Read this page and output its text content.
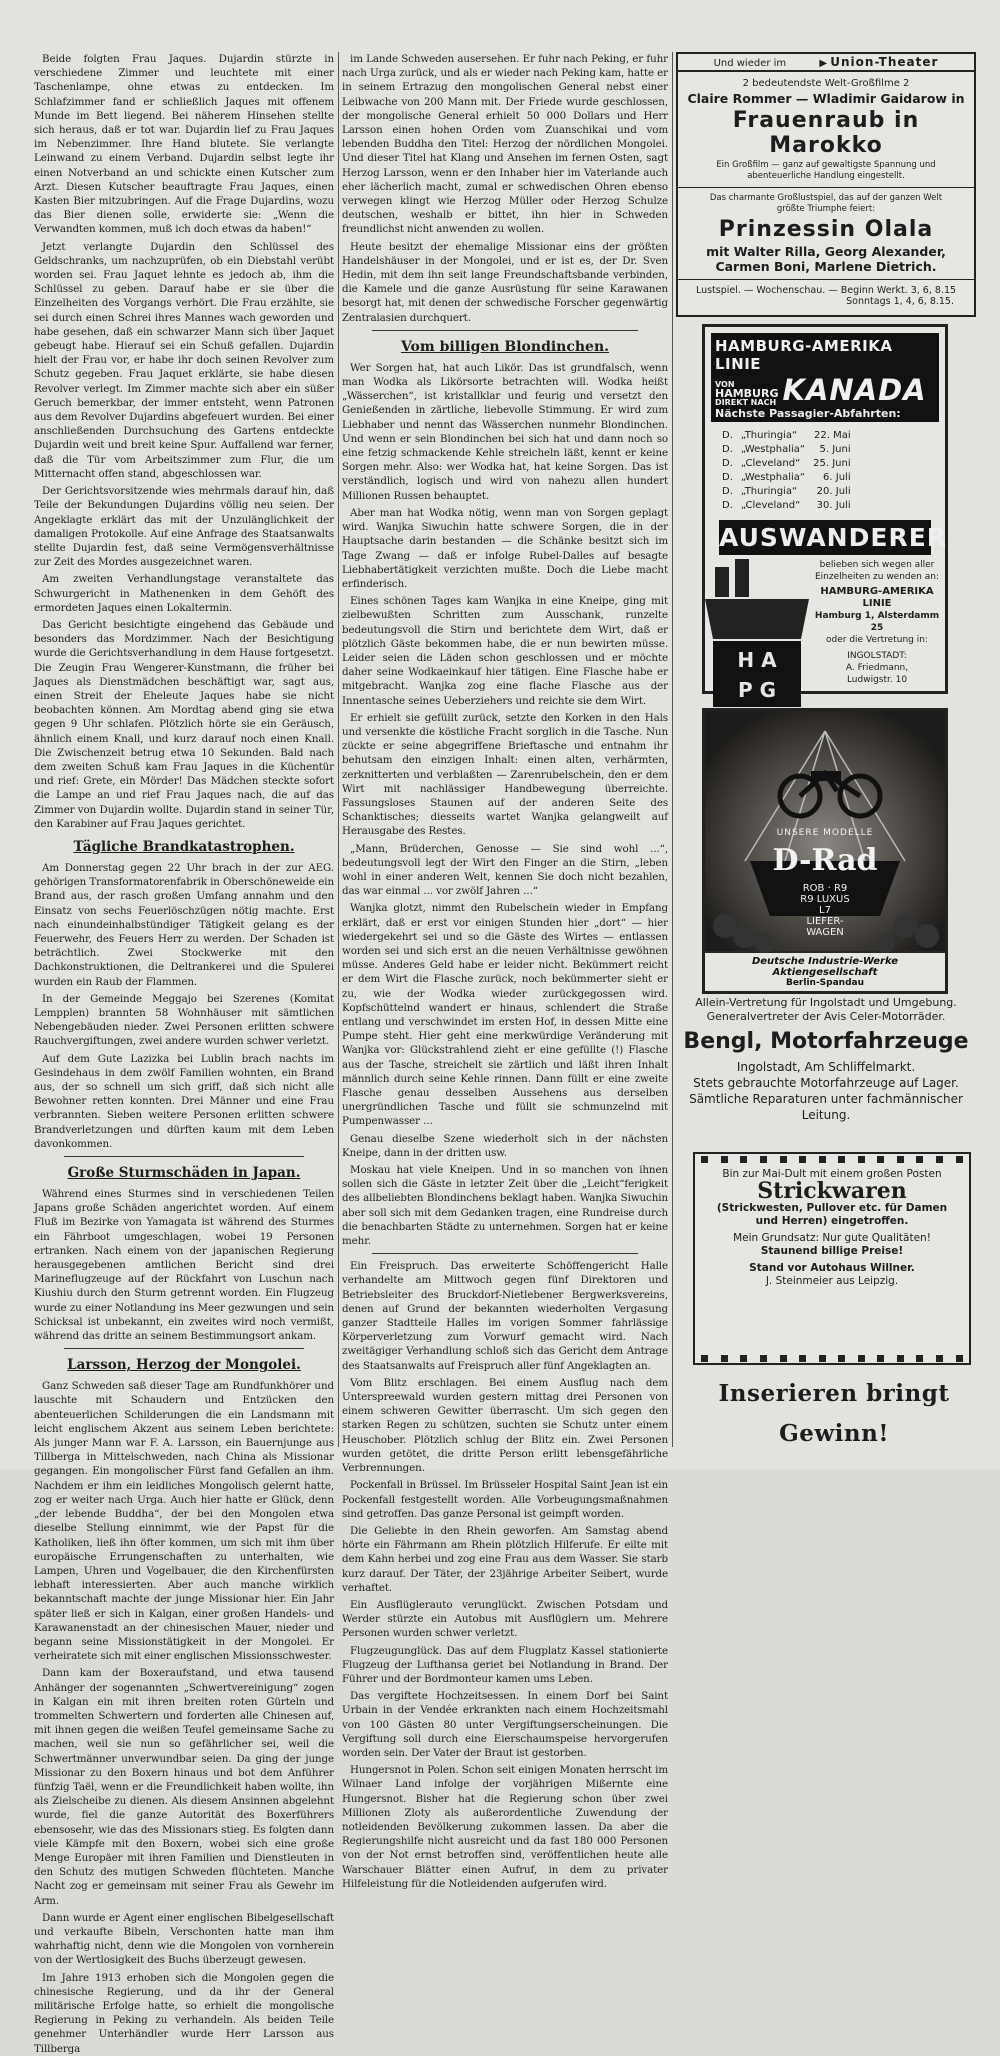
Beide folgten Frau Jaques. Dujardin stürzte in verschiedene Zimmer und leuchtete mit einer Taschenlampe, ohne etwas zu entdecken. Im Schlafzimmer fand er schließlich Jaques mit offenem Munde im Bett liegend. Bei näherem Hinsehen stellte sich heraus, daß er tot war. Dujardin lief zu Frau Jaques im Nebenzimmer. Ihre Hand blutete. Sie verlangte Leinwand zu einem Verband. Dujardin selbst legte ihr einen Notverband an und schickte einen Kutscher zum Arzt. Diesen Kutscher beauftragte Frau Jaques, einen Kasten Bier mitzubringen. Auf die Frage Dujardins, wozu das Bier dienen solle, erwiderte sie: „Wenn die Verwandten kommen, muß ich doch etwas da haben!“

Jetzt verlangte Dujardin den Schlüssel des Geldschranks, um nachzuprüfen, ob ein Diebstahl verübt worden sei. Frau Jaquet lehnte es jedoch ab, ihm die Schlüssel zu geben. Darauf habe er sie über die Einzelheiten des Vorgangs verhört. Die Frau erzählte, sie sei durch einen Schrei ihres Mannes wach geworden und habe gesehen, daß ein schwarzer Mann sich über Jaquet gebeugt habe. Hierauf sei ein Schuß gefallen. Dujardin hielt der Frau vor, er habe ihr doch seinen Revolver zum Schutz gegeben. Frau Jaquet erklärte, sie habe diesen Revolver verlegt. Im Zimmer machte sich aber ein süßer Geruch bemerkbar, der immer entsteht, wenn Patronen aus dem Revolver Dujardins abgefeuert wurden. Bei einer anschließenden Durchsuchung des Gartens entdeckte Dujardin weit und breit keine Spur. Auffallend war ferner, daß die Tür vom Arbeitszimmer zum Flur, die um Mitternacht offen stand, abgeschlossen war.

Der Gerichtsvorsitzende wies mehrmals darauf hin, daß Teile der Bekundungen Dujardins völlig neu seien. Der Angeklagte erklärt das mit der Unzulänglichkeit der damaligen Protokolle. Auf eine Anfrage des Staatsanwalts stellte Dujardin fest, daß seine Vermögensverhältnisse zur Zeit des Mordes ausgezeichnet waren.

Am zweiten Verhandlungstage veranstaltete das Schwurgericht in Mathenenken in dem Gehöft des ermordeten Jaques einen Lokaltermin.

Das Gericht besichtigte eingehend das Gebäude und besonders das Mordzimmer. Nach der Besichtigung wurde die Gerichtsverhandlung in dem Hause fortgesetzt. Die Zeugin Frau Wengerer-Kunstmann, die früher bei Jaques als Dienstmädchen beschäftigt war, sagt aus, einen Streit der Eheleute Jaques habe sie nicht beobachten können. Am Mordtag abend ging sie etwa gegen 9 Uhr schlafen. Plötzlich hörte sie ein Geräusch, ähnlich einem Knall, und kurz darauf noch einen Knall. Die Zwischenzeit betrug etwa 10 Sekunden. Bald nach dem zweiten Schuß kam Frau Jaques in die Küchentür und rief: Grete, ein Mörder! Das Mädchen steckte sofort die Lampe an und rief Frau Jaques nach, die auf das Zimmer von Dujardin wollte. Dujardin stand in seiner Tür, den Karabiner auf Frau Jaques gerichtet.

Tägliche Brandkatastrophen.

Am Donnerstag gegen 22 Uhr brach in der zur AEG. gehörigen Transformatorenfabrik in Oberschöneweide ein Brand aus, der rasch großen Umfang annahm und den Einsatz von sechs Feuerlöschzügen nötig machte. Erst nach einundeinhalbstündiger Tätigkeit gelang es der Feuerwehr, des Feuers Herr zu werden. Der Schaden ist beträchtlich. Zwei Stockwerke mit den Dachkonstruktionen, die Deltrankerei und die Spulerei wurden ein Raub der Flammen.

In der Gemeinde Meggajo bei Szerenes (Komitat Lempplen) brannten 58 Wohnhäuser mit sämtlichen Nebengebäuden nieder. Zwei Personen erlitten schwere Rauchvergiftungen, zwei andere wurden schwer verletzt.

Auf dem Gute Lazizka bei Lublin brach nachts im Gesindehaus in dem zwölf Familien wohnten, ein Brand aus, der so schnell um sich griff, daß sich nicht alle Bewohner retten konnten. Drei Männer und eine Frau verbrannten. Sieben weitere Personen erlitten schwere Brandverletzungen und dürften kaum mit dem Leben davonkommen.

Große Sturmschäden in Japan.

Während eines Sturmes sind in verschiedenen Teilen Japans große Schäden angerichtet worden. Auf einem Fluß im Bezirke von Yamagata ist während des Sturmes ein Fährboot umgeschlagen, wobei 19 Personen ertranken. Nach einem von der japanischen Regierung herausgegebenen amtlichen Bericht sind drei Marineflugzeuge auf der Rückfahrt von Luschun nach Kiushiu durch den Sturm getrennt worden. Ein Flugzeug wurde zu einer Notlandung ins Meer gezwungen und sein Schicksal ist unbekannt, ein zweites wird noch vermißt, während das dritte an seinem Bestimmungsort ankam.

Larsson, Herzog der Mongolei.

Ganz Schweden saß dieser Tage am Rundfunkhörer und lauschte mit Schaudern und Entzücken den abenteuerlichen Schilderungen die ein Landsmann mit leicht englischem Akzent aus seinem Leben berichtete: Als junger Mann war F. A. Larsson, ein Bauernjunge aus Tillberga in Mittelschweden, nach China als Missionar gegangen. Ein mongolischer Fürst fand Gefallen an ihm. Nachdem er ihm ein leidliches Mongolisch gelernt hatte, zog er weiter nach Urga. Auch hier hatte er Glück, denn „der lebende Buddha“, der bei den Mongolen etwa dieselbe Stellung einnimmt, wie der Papst für die Katholiken, ließ ihn öfter kommen, um sich mit ihm über europäische Errungenschaften zu unterhalten, wie Lampen, Uhren und Vogelbauer, die den Kirchenfürsten lebhaft interessierten. Aber auch manche wirklich bekanntschaft machte der junge Missionar hier. Ein Jahr später ließ er sich in Kalgan, einer großen Handels- und Karawanenstadt an der chinesischen Mauer, nieder und begann seine Missionstätigkeit in der Mongolei. Er verheiratete sich mit einer englischen Missionsschwester.

Dann kam der Boxeraufstand, und etwa tausend Anhänger der sogenannten „Schwertvereinigung“ zogen in Kalgan ein mit ihren breiten roten Gürteln und trommelten Schwertern und forderten alle Chinesen auf, mit ihnen gegen die weißen Teufel gemeinsame Sache zu machen, weil sie nun so gefährlicher sei, weil die Schwertmänner unverwundbar seien. Da ging der junge Missionar zu den Boxern hinaus und bot dem Anführer fünfzig Taël, wenn er die Freundlichkeit haben wollte, ihn als Zielscheibe zu dienen. Als diesem Ansinnen abgelehnt wurde, fiel die ganze Autorität des Boxerführers ebensosehr, wie das des Missionars stieg. Es folgten dann viele Kämpfe mit den Boxern, wobei sich eine große Menge Europäer mit ihren Familien und Dienstleuten in den Schutz des mutigen Schweden flüchteten. Manche Nacht zog er gemeinsam mit seiner Frau als Gewehr im Arm.

Dann wurde er Agent einer englischen Bibelgesellschaft und verkaufte Bibeln, Verschonten hatte man ihm wahrhaftig nicht, denn wie die Mongolen von vornherein von der Wertlosigkeit des Buchs überzeugt gewesen.

Im Jahre 1913 erhoben sich die Mongolen gegen die chinesische Regierung, und da ihr der General militärische Erfolge hatte, so erhielt die mongolische Regierung in Peking zu verhandeln. Als beiden Teile genehmer Unterhändler wurde Herr Larsson aus Tillberga

im Lande Schweden ausersehen. Er fuhr nach Peking, er fuhr nach Urga zurück, und als er wieder nach Peking kam, hatte er in seinem Ertrazug den mongolischen General nebst einer Leibwache von 200 Mann mit. Der Friede wurde geschlossen, der mongolische General erhielt 50 000 Dollars und Herr Larsson einen hohen Orden vom Zuanschikai und vom lebenden Buddha den Titel: Herzog der nördlichen Mongolei. Und dieser Titel hat Klang und Ansehen im fernen Osten, sagt Herzog Larsson, wenn er den Inhaber hier im Vaterlande auch eher lächerlich macht, zumal er schwedischen Ohren ebenso verwegen klingt wie Herzog Müller oder Herzog Schulze deutschen, weshalb er bittet, ihn hier in Schweden freundlichst nicht anwenden zu wollen.

Heute besitzt der ehemalige Missionar eins der größten Handelshäuser in der Mongolei, und er ist es, der Dr. Sven Hedin, mit dem ihn seit lange Freundschaftsbande verbinden, die Kamele und die ganze Ausrüstung für seine Karawanen besorgt hat, mit denen der schwedische Forscher gegenwärtig Zentralasien durchquert.

Vom billigen Blondinchen.

Wer Sorgen hat, hat auch Likör. Das ist grundfalsch, wenn man Wodka als Likörsorte betrachten will. Wodka heißt „Wässerchen“, ist kristallklar und feurig und versetzt den Genießenden in zärtliche, liebevolle Stimmung. Er wird zum Liebhaber und nennt das Wässerchen nunmehr Blondinchen. Und wenn er sein Blondinchen bei sich hat und dann noch so eine fetzig schmackende Kehle streicheln läßt, kennt er keine Sorgen mehr. Also: wer Wodka hat, hat keine Sorgen. Das ist verständlich, logisch und wird von nahezu allen hundert Millionen Russen behauptet.

Aber man hat Wodka nötig, wenn man von Sorgen geplagt wird. Wanjka Siwuchin hatte schwere Sorgen, die in der Hauptsache darin bestanden — die Schänke besitzt sich im Tage Zwang — daß er infolge Rubel-Dalles auf besagte Liebhabertätigkeit verzichten mußte. Doch die Liebe macht erfinderisch.

Eines schönen Tages kam Wanjka in eine Kneipe, ging mit zielbewußten Schritten zum Ausschank, runzelte bedeutungsvoll die Stirn und berichtete dem Wirt, daß er plötzlich Gäste bekommen habe, die er nun bewirten müsse. Leider seien die Läden schon geschlossen und er möchte daher seine Wodkaeinkauf hier tätigen. Eine Flasche habe er mitgebracht. Wanjka zog eine flache Flasche aus der Innentasche seines Ueberziehers und reichte sie dem Wirt.

Er erhielt sie gefüllt zurück, setzte den Korken in den Hals und versenkte die köstliche Fracht sorglich in die Tasche. Nun zückte er seine abgegriffene Brieftasche und entnahm ihr behutsam den einzigen Inhalt: einen alten, verhärmten, zerknitterten und verblaßten — Zarenrubelschein, den er dem Wirt mit nachlässiger Handbewegung überreichte. Fassungsloses Staunen auf der anderen Seite des Schanktisches; diesseits wartet Wanjka gelangweilt auf Herausgabe des Restes.

„Mann, Brüderchen, Genosse — Sie sind wohl ...“, bedeutungsvoll legt der Wirt den Finger an die Stirn, „leben wohl in einer anderen Welt, kennen Sie doch nicht bezahlen, das war einmal ... vor zwölf Jahren ...“

Wanjka glotzt, nimmt den Rubelschein wieder in Empfang erklärt, daß er erst vor einigen Stunden hier „dort“ — hier wiedergekehrt sei und so die Gäste des Wirtes — entlassen worden sei und sich erst an die neuen Verhältnisse gewöhnen müsse. Anderes Geld habe er leider nicht. Bekümmert reicht er dem Wirt die Flasche zurück, noch bekümmerter sieht er zu, wie der Wodka wieder zurückgegossen wird. Kopfschüttelnd wandert er hinaus, schlendert die Straße entlang und verschwindet im ersten Hof, in dessen Mitte eine Pumpe steht. Hier geht eine merkwürdige Veränderung mit Wanjka vor: Glückstrahlend zieht er eine gefüllte (!) Flasche aus der Tasche, streichelt sie zärtlich und läßt ihren Inhalt männlich durch seine Kehle rinnen. Dann füllt er eine zweite Flasche genau desselben Aussehens aus derselben unergründlichen Tasche und füllt sie schmunzelnd mit Pumpenwasser ...

Genau dieselbe Szene wiederholt sich in der nächsten Kneipe, dann in der dritten usw.

Moskau hat viele Kneipen. Und in so manchen von ihnen sollen sich die Gäste in letzter Zeit über die „Leicht“ferigkeit des allbeliebten Blondinchens beklagt haben. Wanjka Siwuchin aber soll sich mit dem Gedanken tragen, eine Rundreise durch die benachbarten Städte zu unternehmen. Sorgen hat er keine mehr.

Ein Freispruch. Das erweiterte Schöffengericht Halle verhandelte am Mittwoch gegen fünf Direktoren und Betriebsleiter des Bruckdorf-Nietlebener Bergwerksvereins, denen auf Grund der bekannten wiederholten Vergasung ganzer Stadtteile Halles im vorigen Sommer fahrlässige Körperverletzung zum Vorwurf gemacht wird. Nach zweitägiger Verhandlung schloß sich das Gericht dem Antrage des Staatsanwalts auf Freispruch aller fünf Angeklagten an.

Vom Blitz erschlagen. Bei einem Ausflug nach dem Unterspreewald wurden gestern mittag drei Personen von einem schweren Gewitter überrascht. Um sich gegen den starken Regen zu schützen, suchten sie Schutz unter einem Heuschober. Plötzlich schlug der Blitz ein. Zwei Personen wurden getötet, die dritte Person erlitt lebensgefährliche Verbrennungen.

Pockenfall in Brüssel. Im Brüsseler Hospital Saint Jean ist ein Pockenfall festgestellt worden. Alle Vorbeugungsmaßnahmen sind getroffen. Das ganze Personal ist geimpft worden.

Die Geliebte in den Rhein geworfen. Am Samstag abend hörte ein Fährmann am Rhein plötzlich Hilferufe. Er eilte mit dem Kahn herbei und zog eine Frau aus dem Wasser. Sie starb kurz darauf. Der Täter, der 23jährige Arbeiter Seibert, wurde verhaftet.

Ein Ausflüglerauto verunglückt. Zwischen Potsdam und Werder stürzte ein Autobus mit Ausflüglern um. Mehrere Personen wurden schwer verletzt.

Flugzeugunglück. Das auf dem Flugplatz Kassel stationierte Flugzeug der Lufthansa geriet bei Notlandung in Brand. Der Führer und der Bordmonteur kamen ums Leben.

Das vergiftete Hochzeitsessen. In einem Dorf bei Saint Urbain in der Vendée erkrankten nach einem Hochzeitsmahl von 100 Gästen 80 unter Vergiftungserscheinungen. Die Vergiftung soll durch eine Eierschaumspeise hervorgerufen worden sein. Der Vater der Braut ist gestorben.

Hungersnot in Polen. Schon seit einigen Monaten herrscht im Wilnaer Land infolge der vorjährigen Mißernte eine Hungersnot. Bisher hat die Regierung schon über zwei Millionen Zloty als außerordentliche Zuwendung der notleidenden Bevölkerung zukommen lassen. Da aber die Regierungshilfe nicht ausreicht und da fast 180 000 Personen von der Not ernst betroffen sind, veröffentlichen heute alle Warschauer Blätter einen Aufruf, in dem zu privater Hilfeleistung für die Notleidenden aufgerufen wird.

Und wieder im	▶ Union-Theater
2 bedeutendste Welt-Großfilme 2
Claire Rommer — Wladimir Gaidarow in
Frauenraub in Marokko
Ein Großfilm — ganz auf gewaltigste Spannung und abenteuerliche Handlung eingestellt.
Das charmante Großlustspiel, das auf der ganzen Welt größte Triumphe feiert:
Prinzessin Olala
mit Walter Rilla, Georg Alexander, Carmen Boni, Marlene Dietrich.
Lustspiel. — Wochenschau. — Beginn Werkt. 3, 6, 8.15
Sonntags 1, 4, 6, 8.15.
HAMBURG-AMERIKA
LINIE
VON
HAMBURG
DIREKT NACH KANADA
Nächste Passagier-Abfahrten:
D.	„Thuringia“	22. Mai
D.	„Westphalia“	5. Juni
D.	„Cleveland“	25. Juni
D.	„Westphalia“	6. Juli
D.	„Thuringia“	20. Juli
D.	„Cleveland“	30. Juli
AUSWANDERER
H A
P G
belieben sich wegen aller Einzelheiten zu wenden an:
HAMBURG-AMERIKA LINIE
Hamburg 1, Alsterdamm 25
oder die Vertretung in:
INGOLSTADT:
A. Friedmann,
Ludwigstr. 10
UNSERE MODELLE
D-Rad
ROB · R9
R9 LUXUS
L7
LIEFER-
WAGEN
Deutsche Industrie-Werke Aktiengesellschaft
Berlin-Spandau
Allein-Vertretung für Ingolstadt und Umgebung.
Generalvertreter der Avis Celer-Motorräder.
Bengl, Motorfahrzeuge
Ingolstadt, Am Schliffelmarkt.
Stets gebrauchte Motorfahrzeuge auf Lager.
Sämtliche Reparaturen unter fachmännischer Leitung.
Bin zur Mai-Dult mit einem großen Posten
Strickwaren
(Strickwesten, Pullover etc. für Damen und Herren) eingetroffen.
Mein Grundsatz: Nur gute Qualitäten!
Staunend billige Preise!
Stand vor Autohaus Willner.
J. Steinmeier aus Leipzig.
Inserieren bringt Gewinn!
